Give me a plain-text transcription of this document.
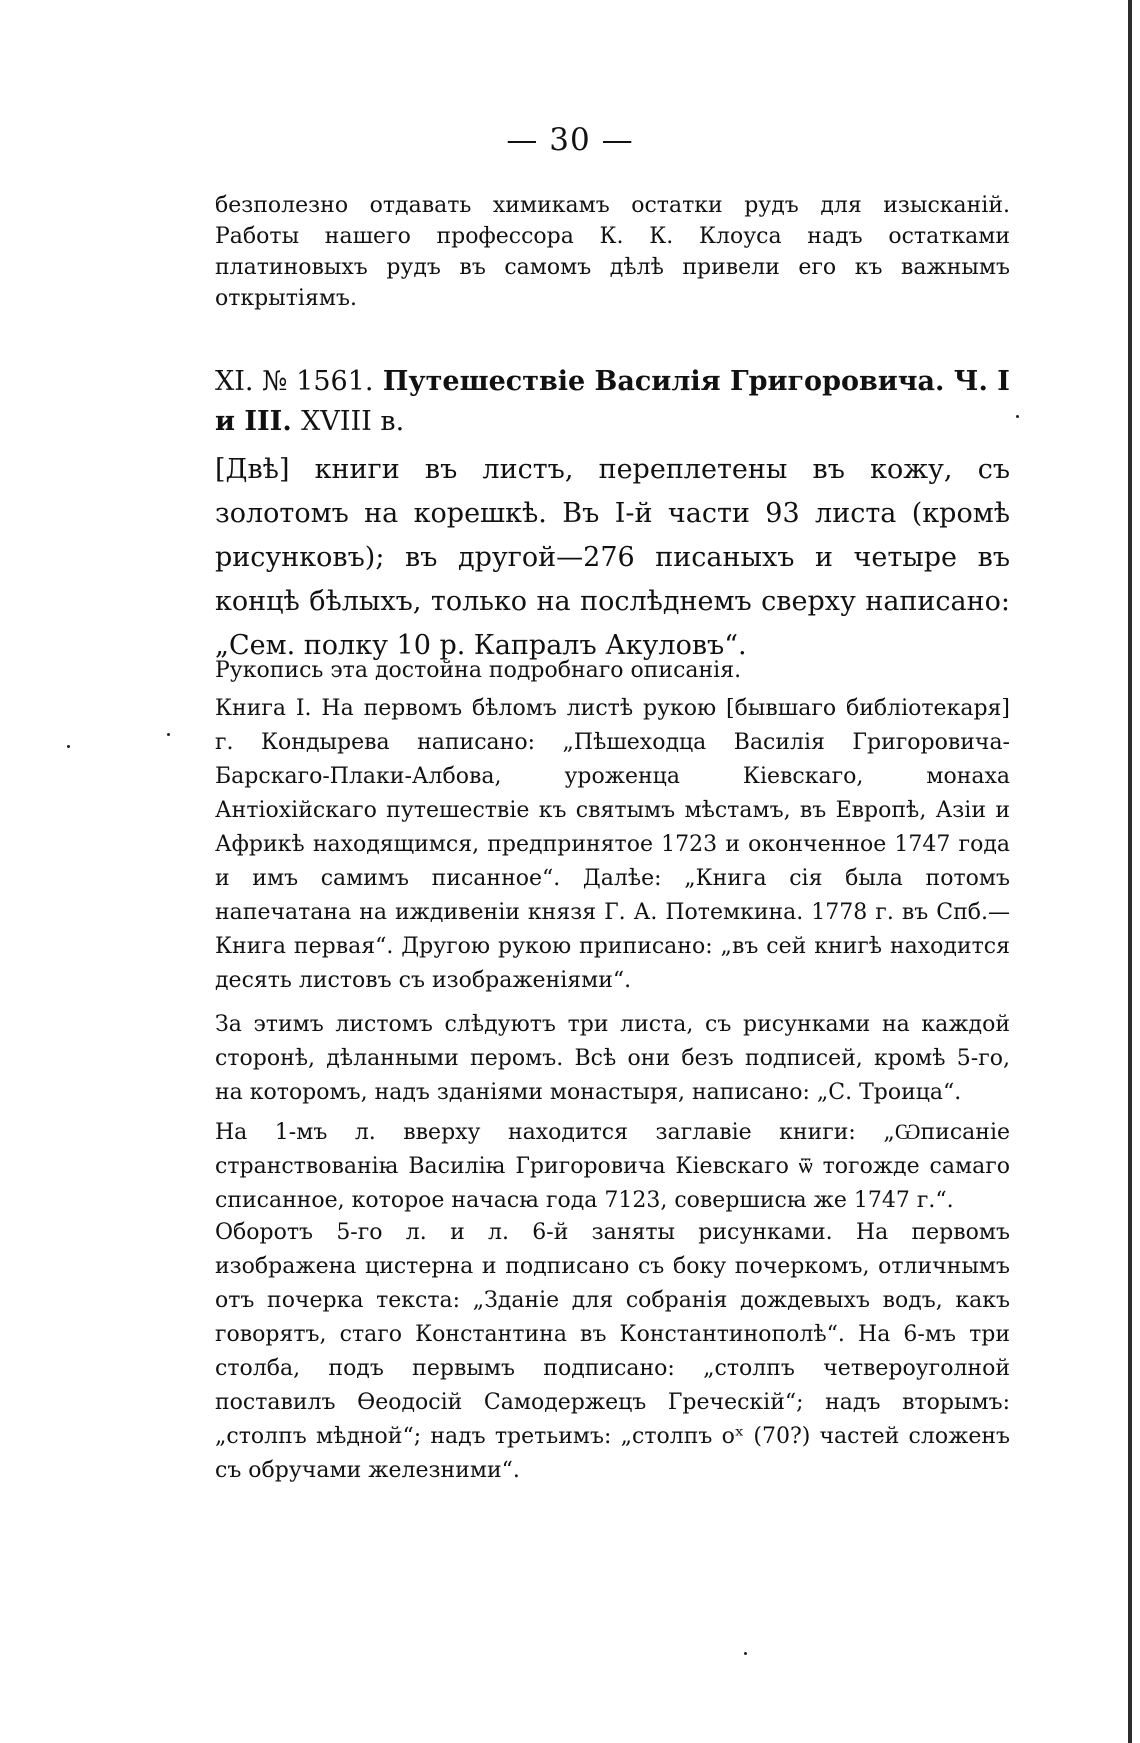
— 30 —

безполезно отдавать химикамъ остатки рудъ для изысканій. Работы нашего профессора К. К. Клоуса надъ остатками платиновыхъ рудъ въ самомъ дѣлѣ привели его къ важнымъ открытіямъ.

XI. № 1561. Путешествіе Василія Григоровича. Ч. I и III. XVIII в.

[Двѣ] книги въ листъ, переплетены въ кожу, съ золотомъ на корешкѣ. Въ I-й части 93 листа (кромѣ рисунковъ); въ другой—276 писаныхъ и четыре въ концѣ бѣлыхъ, только на послѣднемъ сверху написано: „Сем. полку 10 р. Капралъ Акуловъ“.

Рукопись эта достойна подробнаго описанія.

Книга I. На первомъ бѣломъ листѣ рукою [бывшаго библіотекаря] г. Кондырева написано: „Пѣшеходца Василія Григоровича-Барскаго-Плаки-Албова, уроженца Кіевскаго, монаха Антіохійскаго путешествіе къ святымъ мѣстамъ, въ Европѣ, Азіи и Африкѣ находящимся, предпринятое 1723 и оконченное 1747 года и имъ самимъ писанное“. Далѣе: „Книга сія была потомъ напечатана на иждивеніи князя Г. А. Потемкина. 1778 г. въ Спб.—Книга первая“. Другою рукою приписано: „въ сей книгѣ находится десять листовъ съ изображеніями“.

За этимъ листомъ слѣдуютъ три листа, съ рисунками на каждой сторонѣ, дѣланными перомъ. Всѣ они безъ подписей, кромѣ 5-го, на которомъ, надъ зданіями монастыря, написано: „С. Троица“.

На 1-мъ л. вверху находится заглавіе книги: „Ѡписаніе странствованіꙗ Василіꙗ Григоровича Кіевскаго ѿ тогожде самаго списанное, которое начасꙗ года 7123, совершисꙗ же 1747 г.“.

Оборотъ 5-го л. и л. 6-й заняты рисунками. На первомъ изображена цистерна и подписано съ боку почеркомъ, отличнымъ отъ почерка текста: „Зданіе для собранія дождевыхъ водъ, какъ говорятъ, стаго Константина въ Константинополѣ“. На 6-мъ три столба, подъ первымъ подписано: „столпъ четвероуголной поставилъ Ѳеодосій Самодержецъ Греческій“; надъ вторымъ: „столпъ мѣдной“; надъ третьимъ: „столпъ оˣ (70?) частей сложенъ съ обручами железними“.
